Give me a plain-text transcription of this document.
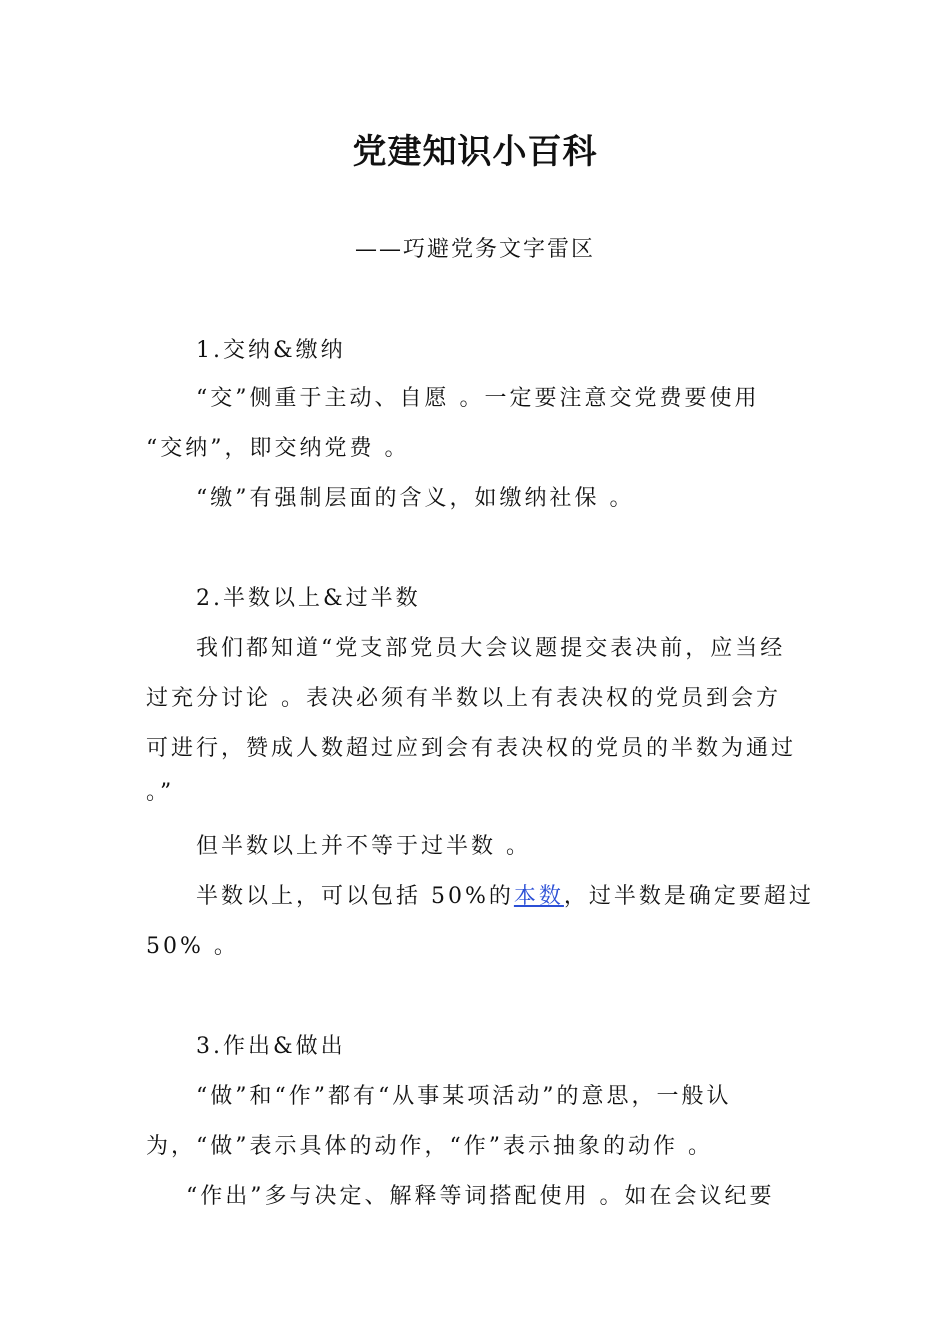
党建知识小百科
——巧避党务文字雷区
1.交纳&缴纳
“交”侧重于主动、自愿 。一定要注意交党费要使用
“交纳”，即交纳党费 。
“缴”有强制层面的含义，如缴纳社保 。
2.半数以上&过半数
我们都知道“党支部党员大会议题提交表决前，应当经
过充分讨论 。表决必须有半数以上有表决权的党员到会方
可进行，赞成人数超过应到会有表决权的党员的半数为通过
。”
但半数以上并不等于过半数 。
半数以上，可以包括 50%的本数，过半数是确定要超过
50% 。
3.作出&做出
“做”和“作”都有“从事某项活动”的意思，一般认
为，“做”表示具体的动作，“作”表示抽象的动作 。
“作出”多与决定、解释等词搭配使用 。如在会议纪要
